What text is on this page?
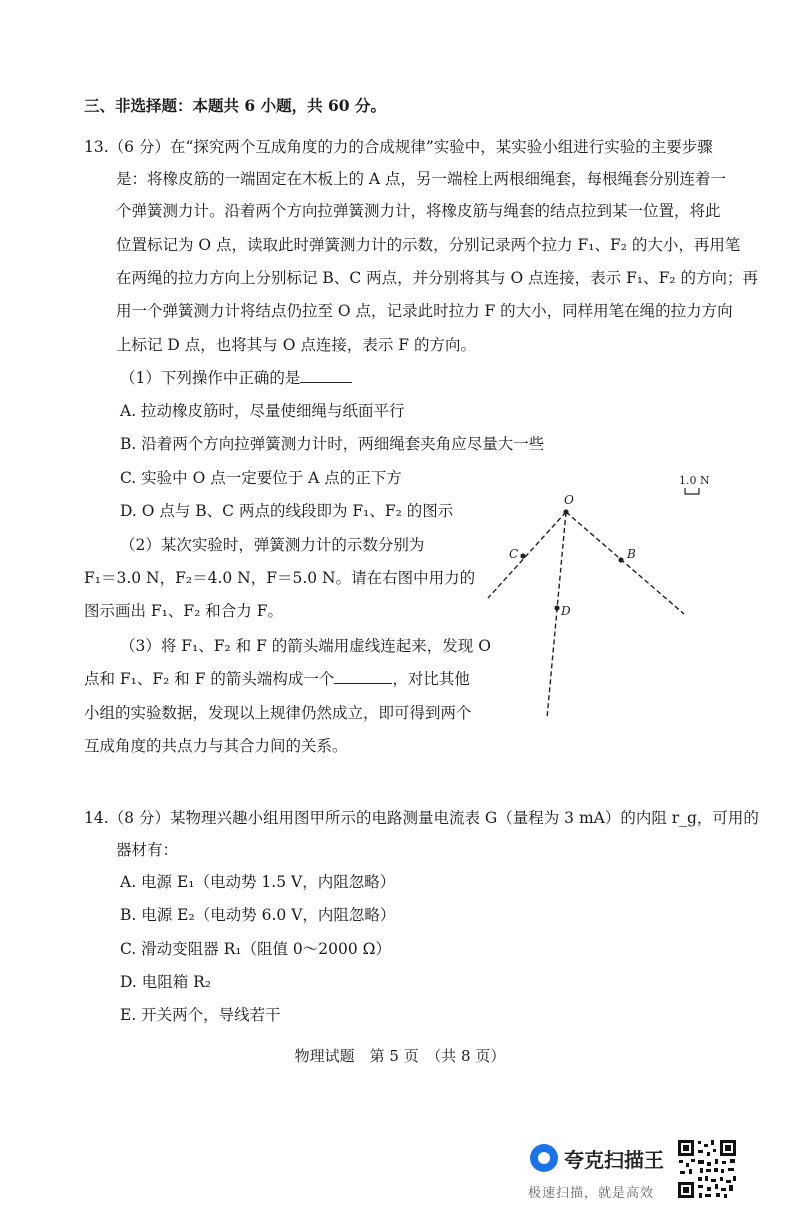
三、非选择题：本题共 6 小题，共 60 分。
13.（6 分）在“探究两个互成角度的力的合成规律”实验中，某实验小组进行实验的主要步骤
是：将橡皮筋的一端固定在木板上的 A 点，另一端栓上两根细绳套，每根绳套分别连着一
个弹簧测力计。沿着两个方向拉弹簧测力计，将橡皮筋与绳套的结点拉到某一位置，将此
位置标记为 O 点，读取此时弹簧测力计的示数，分别记录两个拉力 F₁、F₂ 的大小，再用笔
在两绳的拉力方向上分别标记 B、C 两点，并分别将其与 O 点连接，表示 F₁、F₂ 的方向；再
用一个弹簧测力计将结点仍拉至 O 点，记录此时拉力 F 的大小，同样用笔在绳的拉力方向
上标记 D 点，也将其与 O 点连接，表示 F 的方向。
（1）下列操作中正确的是
A. 拉动橡皮筋时，尽量使细绳与纸面平行
B. 沿着两个方向拉弹簧测力计时，两细绳套夹角应尽量大一些
C. 实验中 O 点一定要位于 A 点的正下方
D. O 点与 B、C 两点的线段即为 F₁、F₂ 的图示
（2）某次实验时，弹簧测力计的示数分别为
F₁＝3.0 N，F₂＝4.0 N，F＝5.0 N。请在右图中用力的
图示画出 F₁、F₂ 和合力 F。
（3）将 F₁、F₂ 和 F 的箭头端用虚线连起来，发现 O
点和 F₁、F₂ 和 F 的箭头端构成一个	，对比其他
小组的实验数据，发现以上规律仍然成立，即可得到两个
互成角度的共点力与其合力间的关系。
1.0 N
O
C	B
D
14.（8 分）某物理兴趣小组用图甲所示的电路测量电流表 G（量程为 3 mA）的内阻 r_g，可用的
器材有：
A. 电源 E₁（电动势 1.5 V，内阻忽略）
B. 电源 E₂（电动势 6.0 V，内阻忽略）
C. 滑动变阻器 R₁（阻值 0～2000 Ω）
D. 电阻箱 R₂
E. 开关两个，导线若干
物理试题　第 5 页　（共 8 页）
夸克扫描王
极速扫描，就是高效
